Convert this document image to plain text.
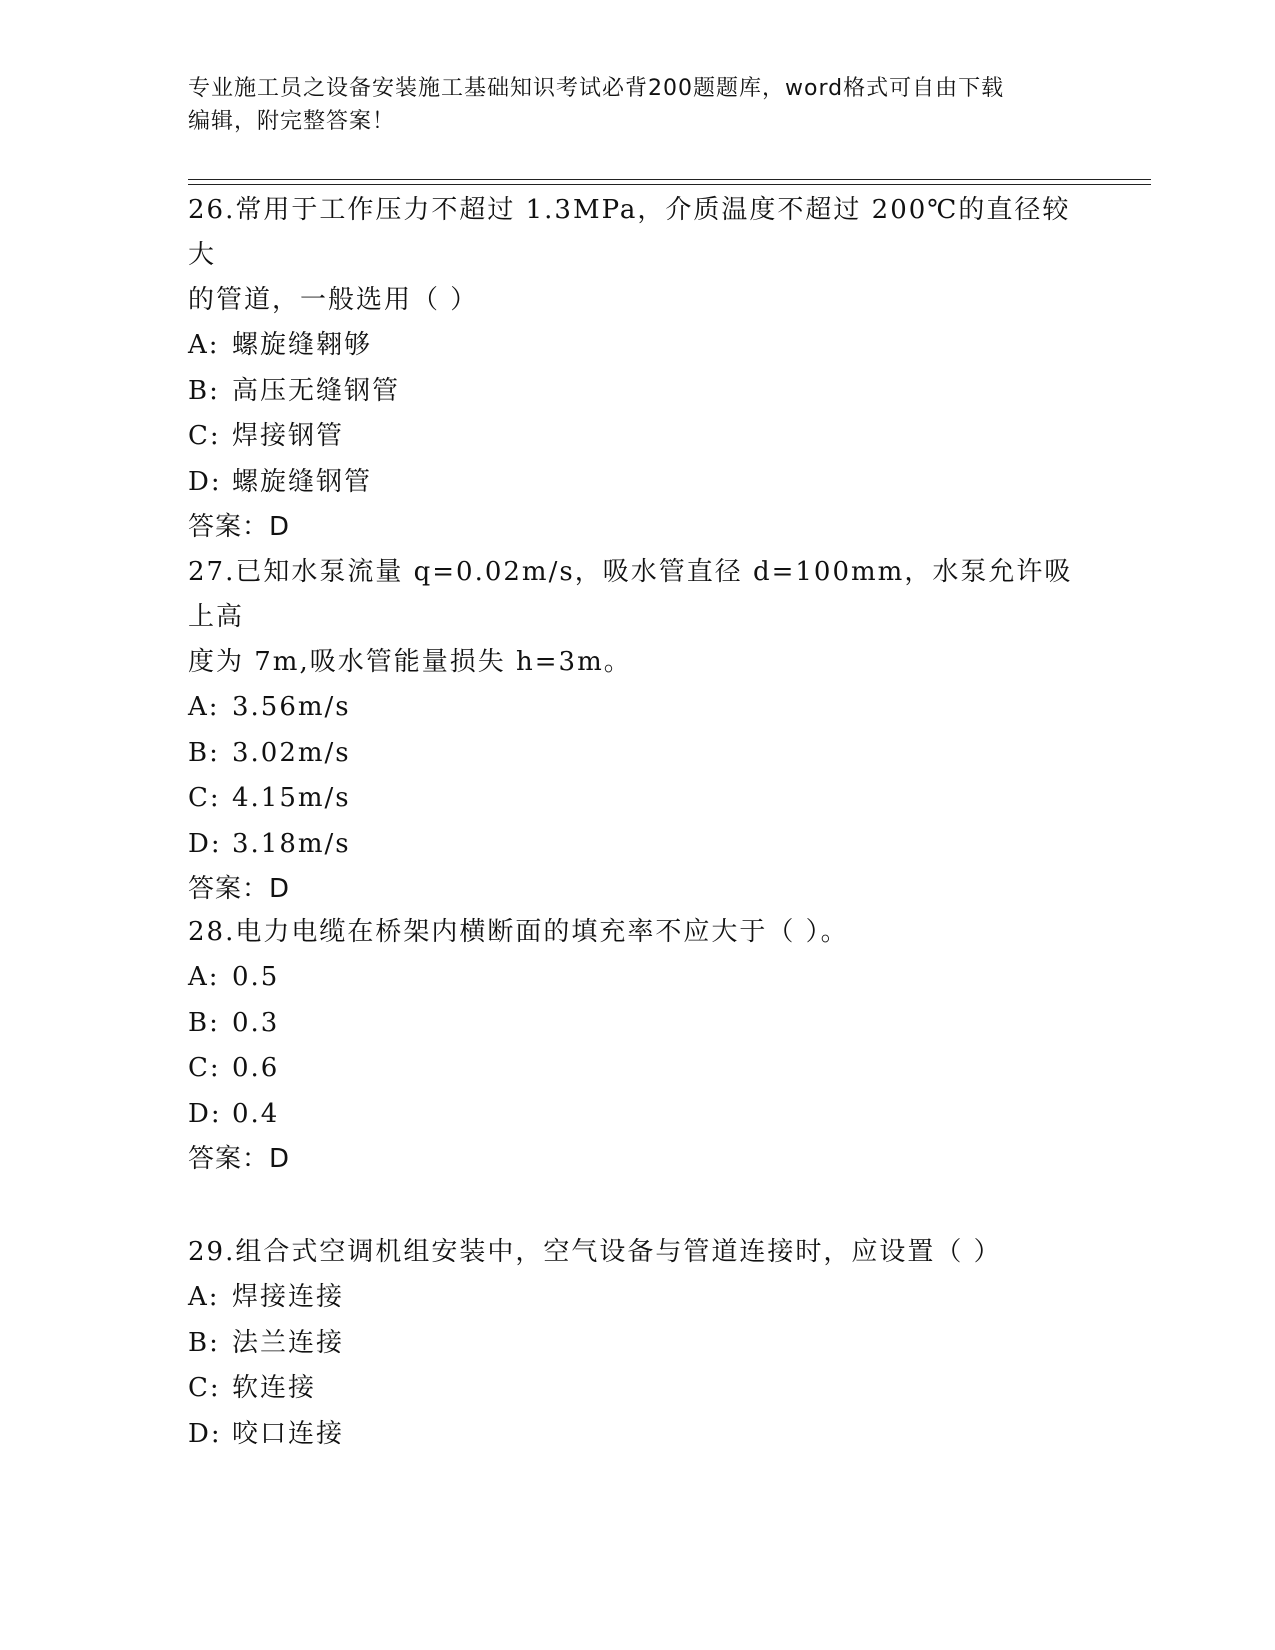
专业施工员之设备安装施工基础知识考试必背200题题库，word格式可自由下载
编辑，附完整答案！
26.常用于工作压力不超过 1.3MPa，介质温度不超过 200℃的直径较大
的管道，一般选用（ ）
A: 螺旋缝翱够
B: 高压无缝钢管
C: 焊接钢管
D: 螺旋缝钢管
答案：D
27.已知水泵流量 q=0.02m/s，吸水管直径 d=100mm，水泵允许吸上高
度为 7m,吸水管能量损失 h=3m。
A: 3.56m/s
B: 3.02m/s
C: 4.15m/s
D: 3.18m/s
答案：D
28.电力电缆在桥架内横断面的填充率不应大于（ ）。
A: 0.5
B: 0.3
C: 0.6
D: 0.4
答案：D
29.组合式空调机组安装中，空气设备与管道连接时，应设置（ ）
A: 焊接连接
B: 法兰连接
C: 软连接
D: 咬口连接
